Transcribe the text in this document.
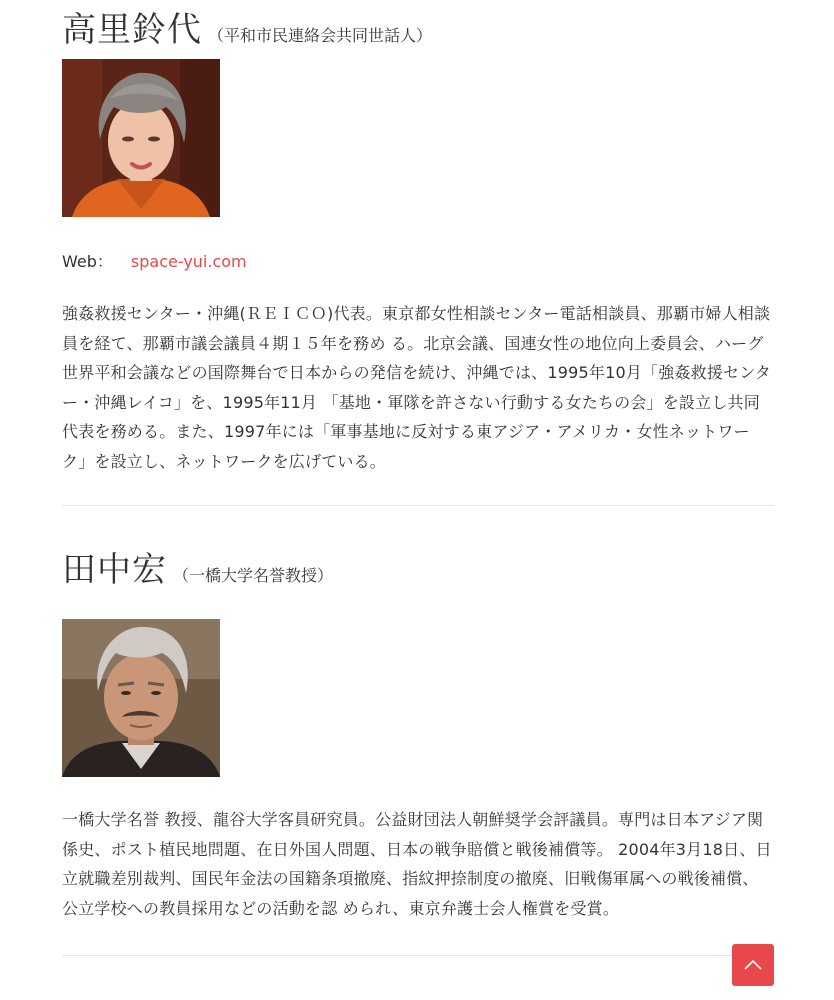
高里鈴代 （平和市民連絡会共同世話人）
Web： space-yui.com

強姦救援センター・沖縄(ＲＥＩＣＯ)代表。東京都女性相談センター電話相談員、那覇市婦人相談員を経て、那覇市議会議員４期１５年を務め る。北京会議、国連女性の地位向上委員会、ハーグ世界平和会議などの国際舞台で日本からの発信を続け、沖縄では、1995年10月「強姦救援センター・沖縄レイコ」を、1995年11月 「基地・軍隊を許さない行動する女たちの会」を設立し共同代表を務める。また、1997年には「軍事基地に反対する東アジア・アメリカ・女性ネットワーク」を設立し、ネットワークを広げている。

田中宏 （一橋大学名誉教授）

一橋大学名誉 教授、龍谷大学客員研究員。公益財団法人朝鮮奨学会評議員。専門は日本アジア関係史、ポスト植民地問題、在日外国人問題、日本の戦争賠償と戦後補償等。 2004年3月18日、日立就職差別裁判、国民年金法の国籍条項撤廃、指紋押捺制度の撤廃、旧戦傷軍属への戦後補償、公立学校への教員採用などの活動を認 められ、東京弁護士会人権賞を受賞。
